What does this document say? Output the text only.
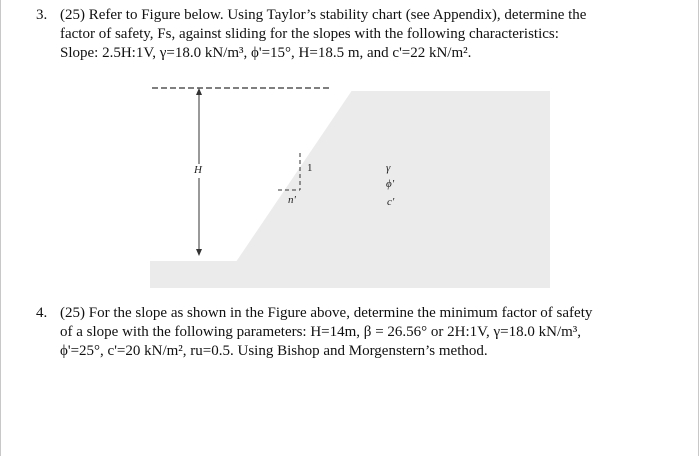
3. (25) Refer to Figure below. Using Taylor’s stability chart (see Appendix), determine the
factor of safety, Fs, against sliding for the slopes with the following characteristics:
Slope: 2.5H:1V, γ=18.0 kN/m³, ϕ'=15°, H=18.5 m, and c'=22 kN/m².
H	1
n'
γ
ϕ'
c'
4. (25) For the slope as shown in the Figure above, determine the minimum factor of safety
of a slope with the following parameters: H=14m, β = 26.56° or 2H:1V, γ=18.0 kN/m³,
ϕ'=25°, c'=20 kN/m², ru=0.5. Using Bishop and Morgenstern’s method.
